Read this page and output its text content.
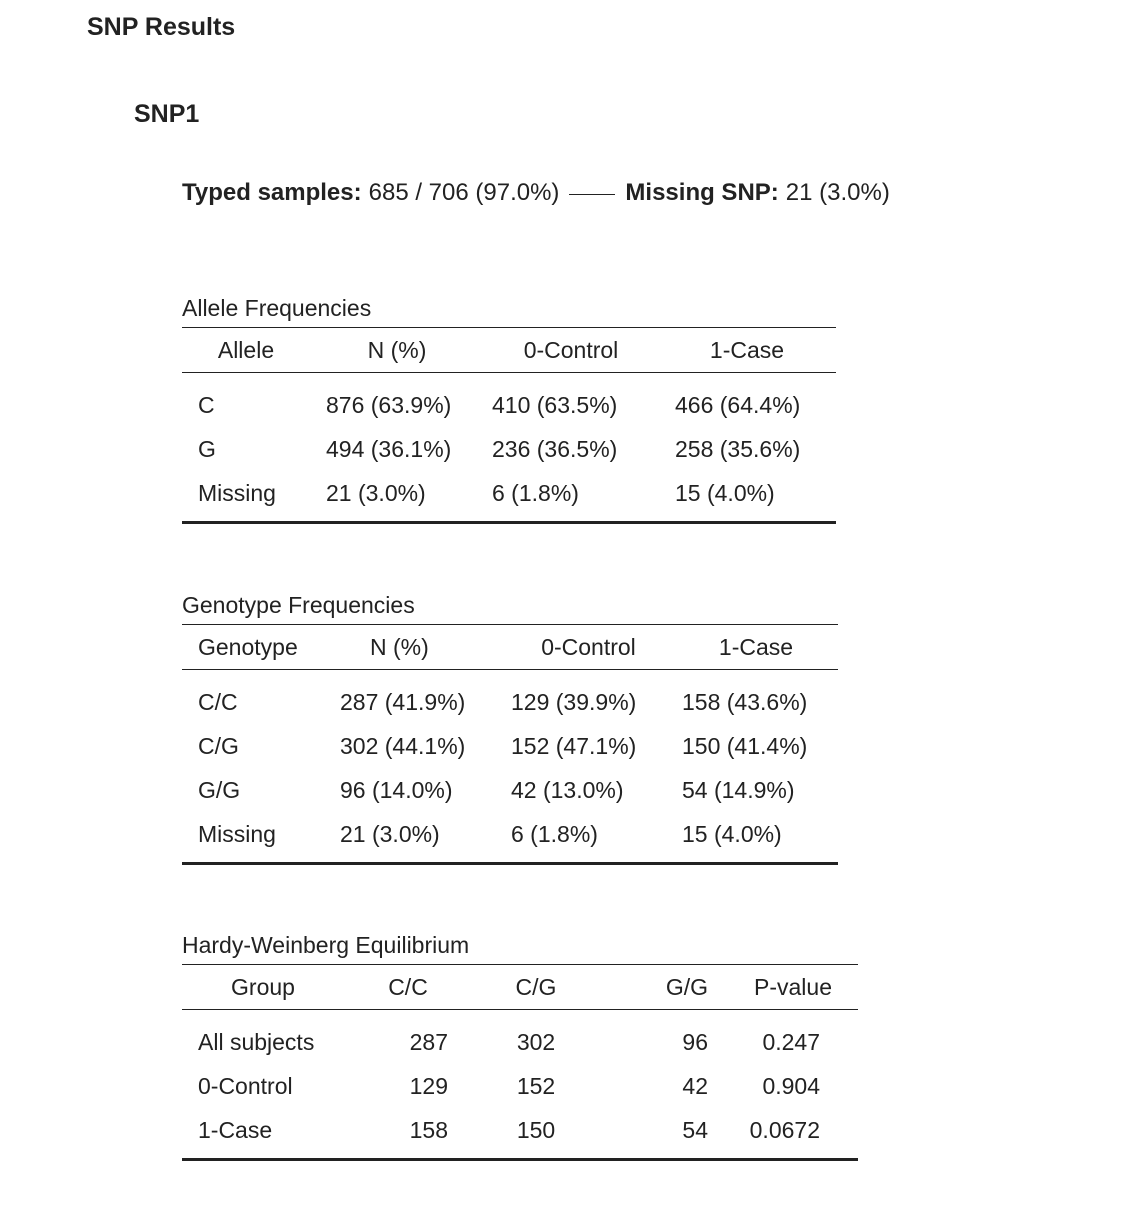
SNP Results
SNP1
Typed samples: 685 / 706 (97.0%)	Missing SNP: 21 (3.0%)
Allele Frequencies
Allele	N (%)	0-Control	1-Case

C	876 (63.9%)	410 (63.5%)	466 (64.4%)
G	494 (36.1%)	236 (36.5%)	258 (35.6%)
Missing	21 (3.0%)	6 (1.8%)	15 (4.0%)
Genotype Frequencies
Genotype	N (%)	0-Control	1-Case

C/C	287 (41.9%)	129 (39.9%)	158 (43.6%)
C/G	302 (44.1%)	152 (47.1%)	150 (41.4%)
G/G	96 (14.0%)	42 (13.0%)	54 (14.9%)
Missing	21 (3.0%)	6 (1.8%)	15 (4.0%)
Hardy-Weinberg Equilibrium
Group	C/C	C/G	G/G	P-value

All subjects	287	302	96	0.247
0-Control	129	152	42	0.904
1-Case	158	150	54	0.0672
